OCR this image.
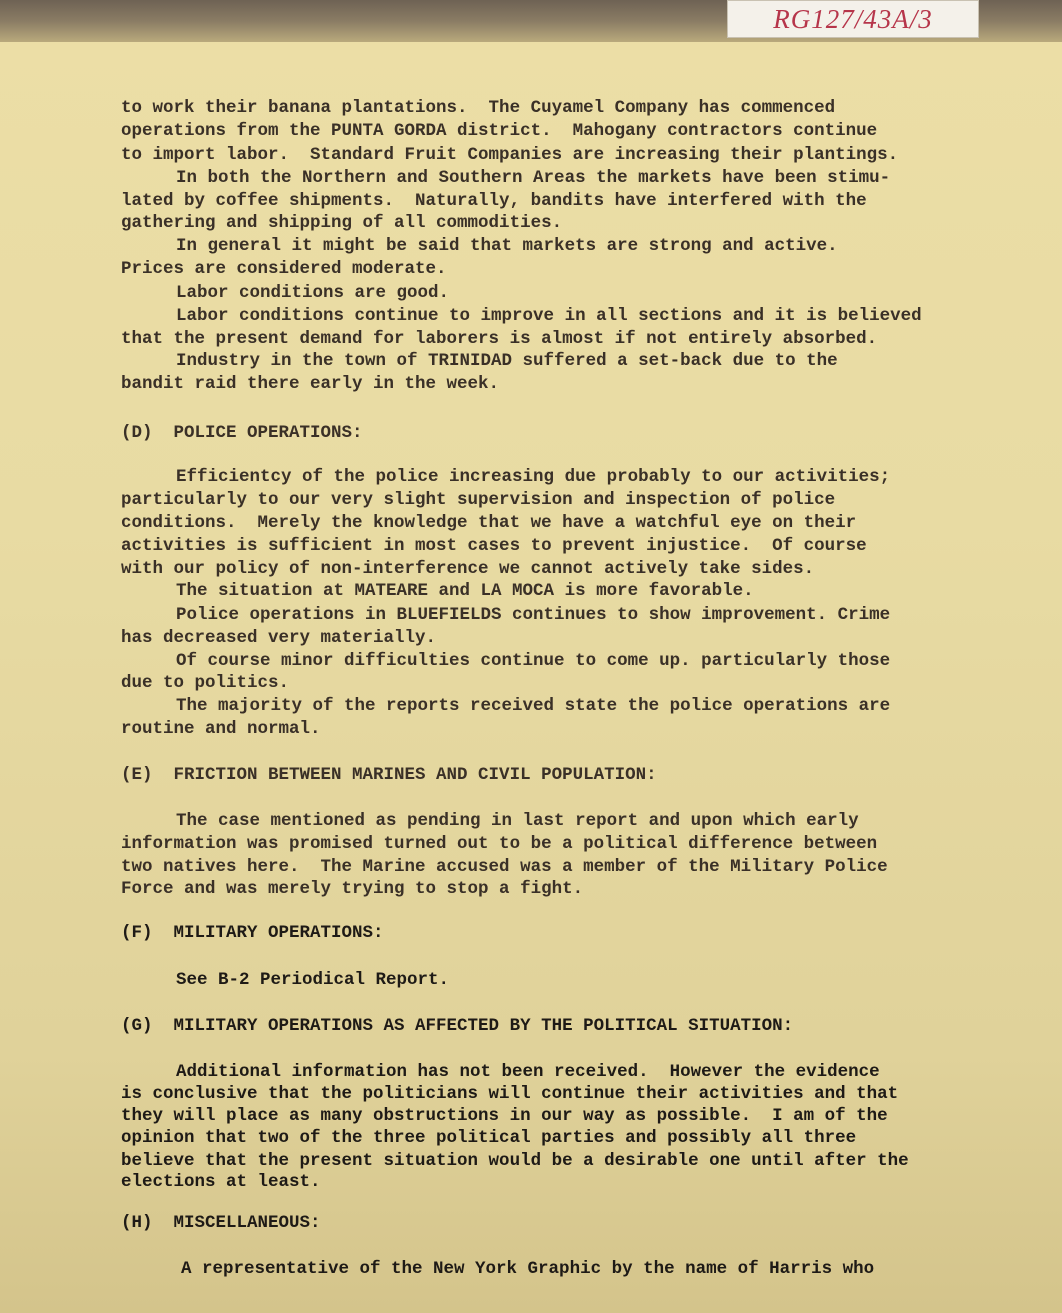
RG127/43A/3
to work their banana plantations.  The Cuyamel Company has commenced
operations from the PUNTA GORDA district.  Mahogany contractors continue
to import labor.  Standard Fruit Companies are increasing their plantings.
In both the Northern and Southern Areas the markets have been stimu-
lated by coffee shipments.  Naturally, bandits have interfered with the
gathering and shipping of all commodities.
In general it might be said that markets are strong and active.
Prices are considered moderate.
Labor conditions are good.
Labor conditions continue to improve in all sections and it is believed
that the present demand for laborers is almost if not entirely absorbed.
Industry in the town of TRINIDAD suffered a set-back due to the
bandit raid there early in the week.
(D)  POLICE OPERATIONS:
Efficientcy of the police increasing due probably to our activities;
particularly to our very slight supervision and inspection of police
conditions.  Merely the knowledge that we have a watchful eye on their
activities is sufficient in most cases to prevent injustice.  Of course
with our policy of non-interference we cannot actively take sides.
The situation at MATEARE and LA MOCA is more favorable.
Police operations in BLUEFIELDS continues to show improvement. Crime
has decreased very materially.
Of course minor difficulties continue to come up. particularly those
due to politics.
The majority of the reports received state the police operations are
routine and normal.
(E)  FRICTION BETWEEN MARINES AND CIVIL POPULATION:
The case mentioned as pending in last report and upon which early
information was promised turned out to be a political difference between
two natives here.  The Marine accused was a member of the Military Police
Force and was merely trying to stop a fight.
(F)  MILITARY OPERATIONS:
See B-2 Periodical Report.
(G)  MILITARY OPERATIONS AS AFFECTED BY THE POLITICAL SITUATION:
Additional information has not been received.  However the evidence
is conclusive that the politicians will continue their activities and that
they will place as many obstructions in our way as possible.  I am of the
opinion that two of the three political parties and possibly all three
believe that the present situation would be a desirable one until after the
elections at least.
(H)  MISCELLANEOUS:
A representative of the New York Graphic by the name of Harris who
